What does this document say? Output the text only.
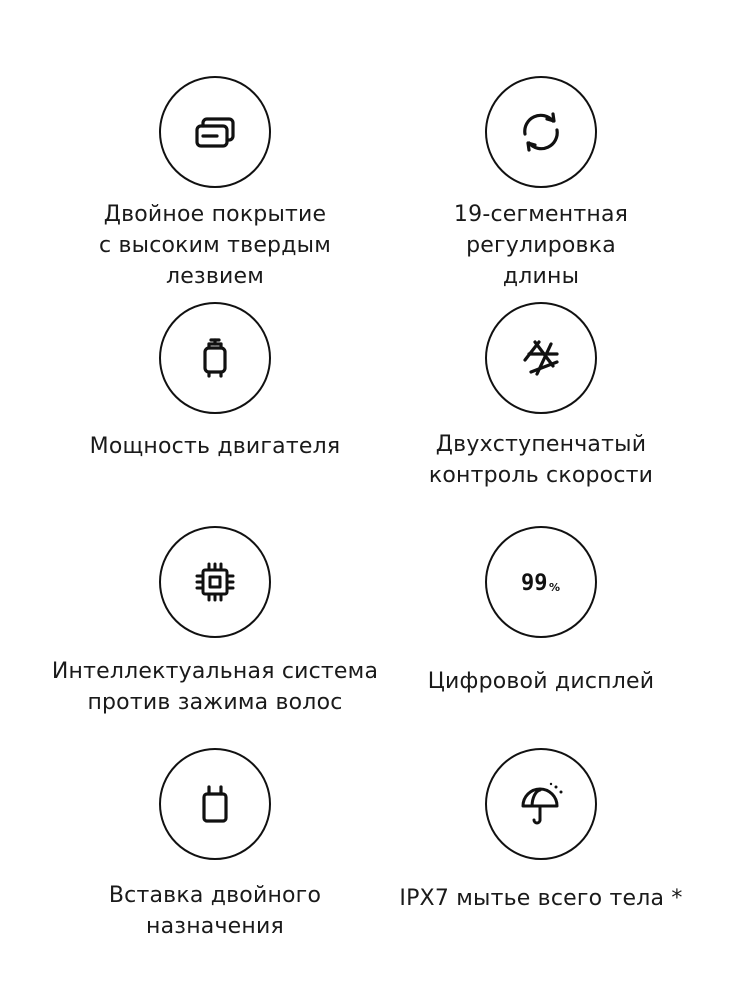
Двойное покрытие
с высоким твердым
лезвием
19-сегментная
регулировка
длины
Мощность двигателя	Двухступенчатый
контроль скорости
Интеллектуальная система
против зажима волос
99 %
Цифровой дисплей
Вставка двойного
назначения
IPX7 мытье всего тела *
